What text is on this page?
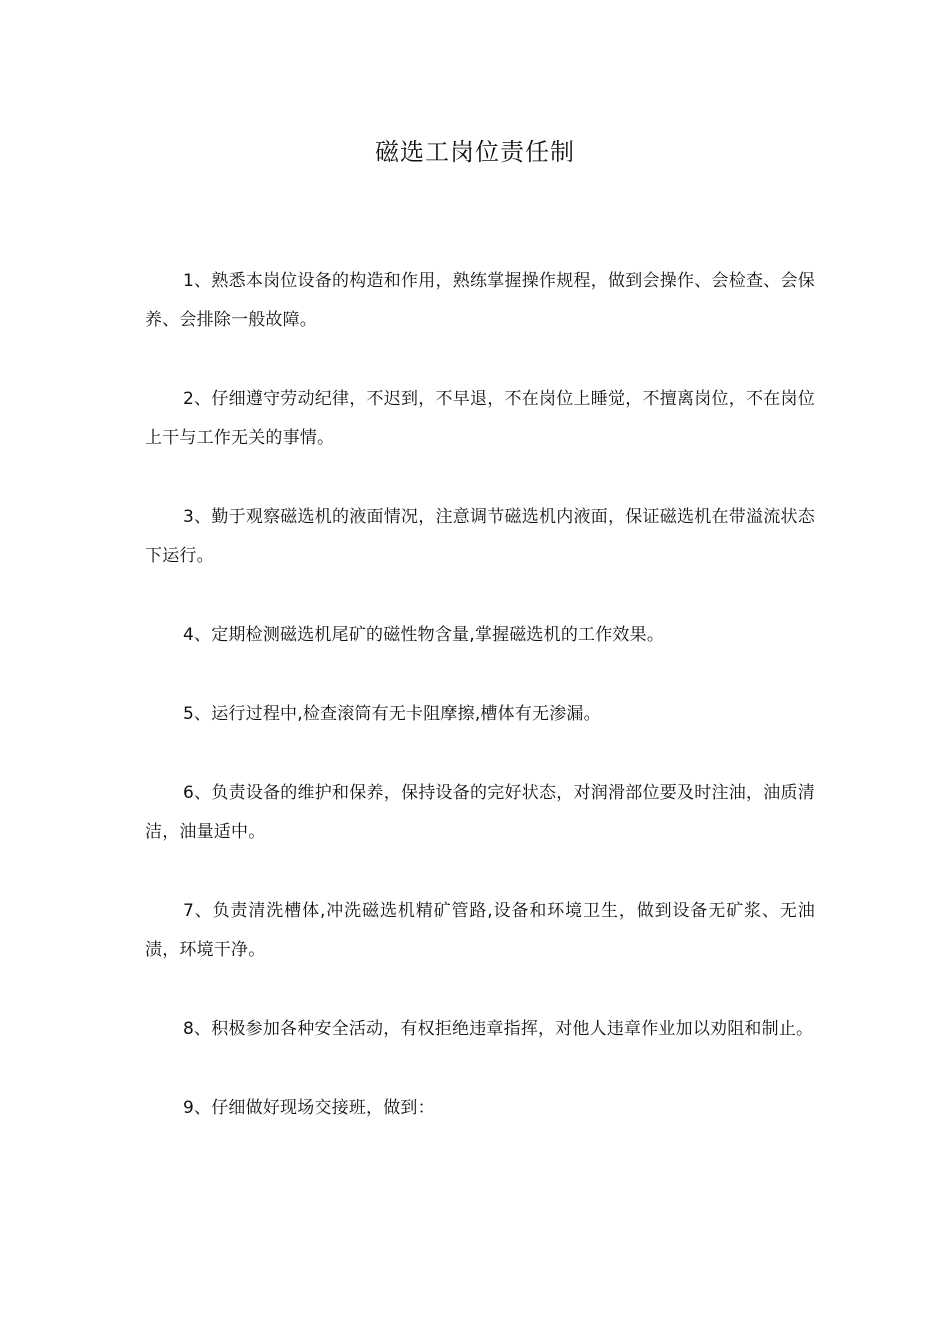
磁选工岗位责任制

1、熟悉本岗位设备的构造和作用，熟练掌握操作规程，做到会操作、会检查、会保养、会排除一般故障。

2、仔细遵守劳动纪律，不迟到，不早退，不在岗位上睡觉，不擅离岗位，不在岗位上干与工作无关的事情。

3、勤于观察磁选机的液面情况，注意调节磁选机内液面，保证磁选机在带溢流状态下运行。

4、定期检测磁选机尾矿的磁性物含量,掌握磁选机的工作效果。

5、运行过程中,检查滚筒有无卡阻摩擦,槽体有无渗漏。

6、负责设备的维护和保养，保持设备的完好状态，对润滑部位要及时注油，油质清洁，油量适中。

7、负责清洗槽体,冲洗磁选机精矿管路,设备和环境卫生，做到设备无矿浆、无油渍，环境干净。

8、积极参加各种安全活动，有权拒绝违章指挥，对他人违章作业加以劝阻和制止。

9、仔细做好现场交接班，做到：
